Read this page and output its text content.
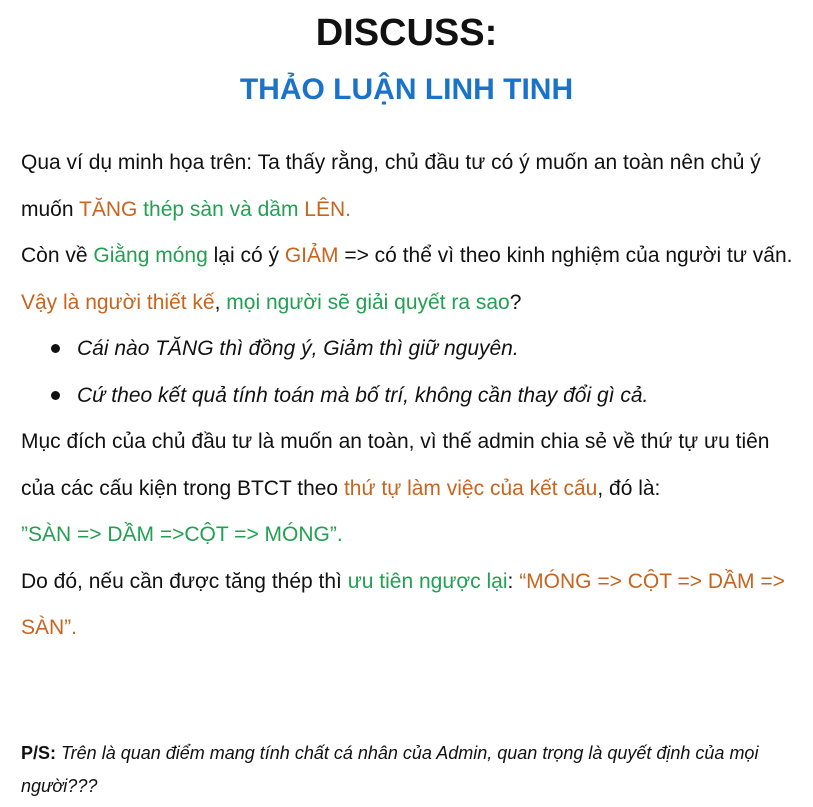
DISCUSS:
THẢO LUẬN LINH TINH

Qua ví dụ minh họa trên: Ta thấy rằng, chủ đầu tư có ý muốn an toàn nên chủ ý muốn TĂNG thép sàn và dầm LÊN.

Còn về Giằng móng lại có ý GIẢM => có thể vì theo kinh nghiệm của người tư vấn.

Vậy là người thiết kế, mọi người sẽ giải quyết ra sao?

Cái nào TĂNG thì đồng ý, Giảm thì giữ nguyên.
Cứ theo kết quả tính toán mà bố trí, không cần thay đổi gì cả.

Mục đích của chủ đầu tư là muốn an toàn, vì thế admin chia sẻ về thứ tự ưu tiên của các cấu kiện trong BTCT theo thứ tự làm việc của kết cấu, đó là:

”SÀN => DẦM =>CỘT => MÓNG”.

Do đó, nếu cần được tăng thép thì ưu tiên ngược lại: “MÓNG => CỘT => DẦM => SÀN”.

P/S: Trên là quan điểm mang tính chất cá nhân của Admin, quan trọng là quyết định của mọi người???
